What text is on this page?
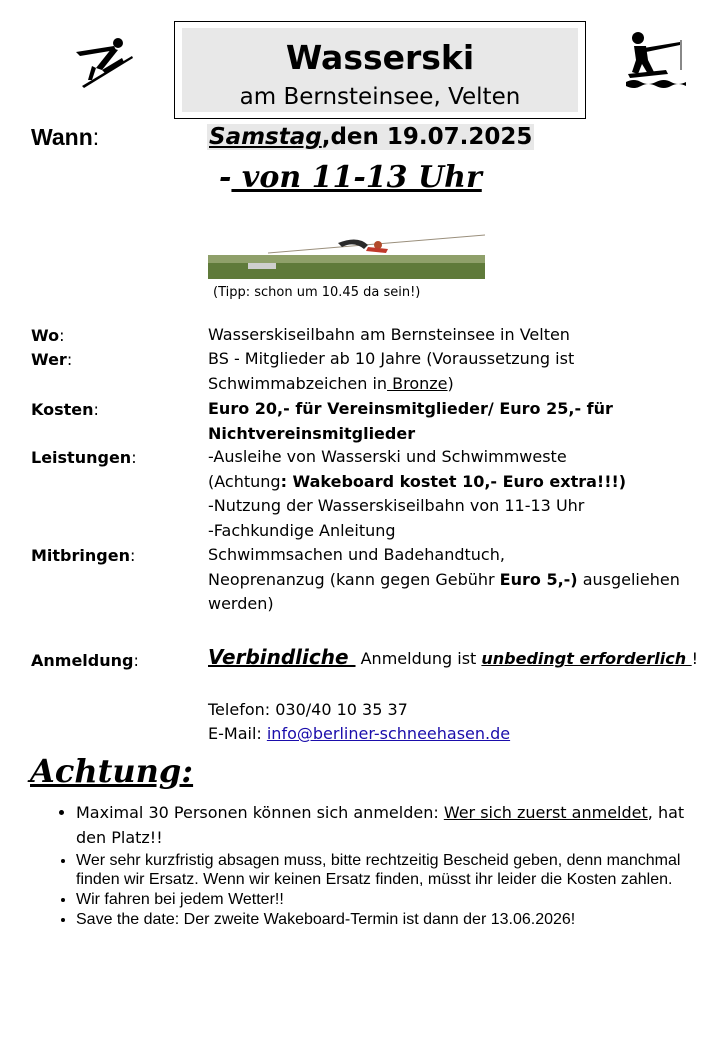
Wasserski
am Bernsteinsee, Velten
Wann:	Samstag,den 19.07.2025
- von 11-13 Uhr
(Tipp: schon um 10.45 da sein!)
Wo:	Wasserskiseilbahn am Bernsteinsee in Velten
Wer:	BS - Mitglieder ab 10 Jahre (Voraussetzung ist
Schwimmabzeichen in Bronze)
Kosten:	Euro 20,- für Vereinsmitglieder/ Euro 25,- für
Nichtvereinsmitglieder
Leistungen:	-Ausleihe von Wasserski und Schwimmweste
(Achtung: Wakeboard kostet 10,- Euro extra!!!)
-Nutzung der Wasserskiseilbahn von 11-13 Uhr
-Fachkundige Anleitung
Mitbringen:	Schwimmsachen und Badehandtuch,
Neoprenanzug (kann gegen Gebühr Euro 5,-) ausgeliehen
werden)
Anmeldung:	Verbindliche  Anmeldung ist unbedingt erforderlich !
Telefon: 030/40 10 35 37
E-Mail: info@berliner-schneehasen.de
Achtung:
• Maximal 30 Personen können sich anmelden: Wer sich zuerst anmeldet, hat den Platz!!
• Wer sehr kurzfristig absagen muss, bitte rechtzeitig Bescheid geben, denn manchmal finden wir Ersatz. Wenn wir keinen Ersatz finden, müsst ihr leider die Kosten zahlen.
• Wir fahren bei jedem Wetter!!
• Save the date: Der zweite Wakeboard-Termin ist dann der 13.06.2026!
